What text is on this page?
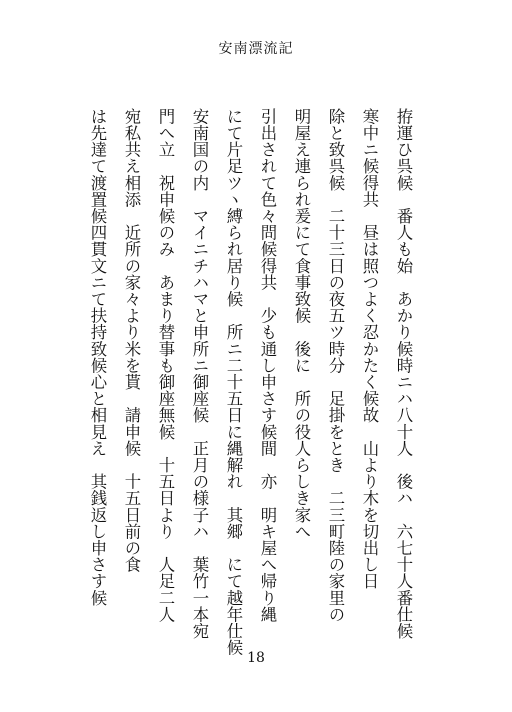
安南漂流記
拵運ひ呉候　番人も始　あかり候時ニハ八十人　後ハ　六七十人番仕候
寒中ニ候得共　昼は照つよく忍かたく候故　山より木を切出し日
除と致呉候　二十三日の夜五ツ時分　足掛をとき　二三町陸の家里の
明屋え連られ爰にて食事致候　後に　所の役人らしき家へ
引出されて色々問候得共　少も通し申さす候間　亦　明キ屋へ帰り縄
にて片足ツヽ縛られ居り候　所ニ二十五日に縄解れ　其郷　にて越年仕候
安南国の内　マイニチハマと申所ニ御座候　正月の様子ハ　葉竹一本宛
門へ立　祝申候のみ　あまり替事も御座無候　十五日より　人足二人
宛私共え相添　近所の家々より米を貰　請申候　十五日前の食
は先達て渡置候四貫文ニて扶持致候心と相見え　其銭返し申さす候
18
